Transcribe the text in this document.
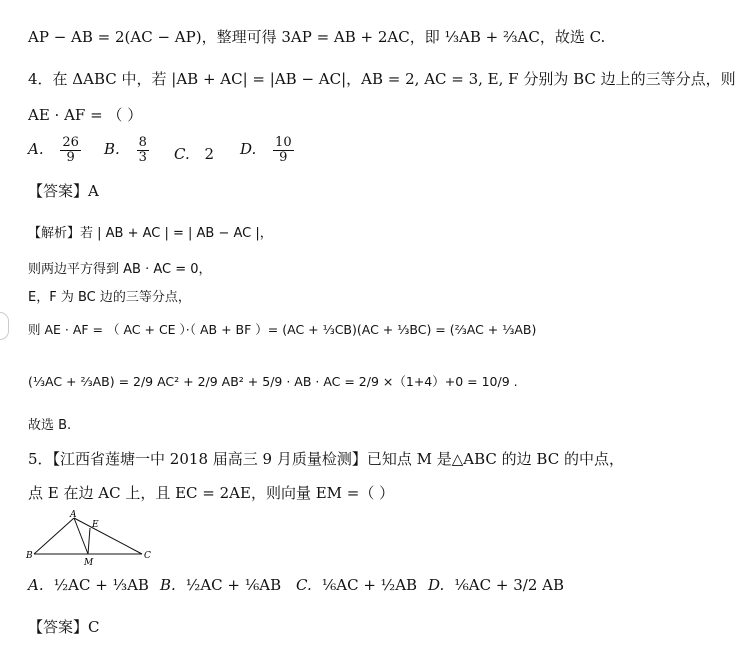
AP − AB = 2(AC − AP)，整理可得 3AP = AB + 2AC，即 ⅓AB + ⅔AC，故选 C.
4．在 ΔABC 中，若 |AB + AC| = |AB − AC|，AB = 2, AC = 3, E, F 分别为 BC 边上的三等分点，则
AE · AF = （ ）
A. $\frac{26}{9} B$. $\frac{8}{3} C$. 2 D. $\frac{10}{9}$
【答案】A
【解析】若 | AB + AC | = | AB − AC |，
则两边平方得到 AB · AC = 0，
E，F 为 BC 边的三等分点，
则 AE · AF = （ AC + CE ）·（ AB + BF ）= (AC + ⅓CB)(AC + ⅓BC) = (⅔AC + ⅓AB)
(⅓AC + ⅔AB) = 2/9 AC² + 2/9 AB² + 5/9 · AB · AC = 2/9 ×（1+4）+0 = 10/9 .
故选 B.
5．【江西省莲塘一中 2018 届高三 9 月质量检测】已知点 M 是△ABC 的边 BC 的中点，
点 E 在边 AC 上，且 EC = 2AE，则向量 EM =（ ）
A
E
B
M
C
A. ½AC + ⅓AB B. ½AC + ⅙AB C. ⅙AC + ½AB D. ⅙AC + 3/2 AB
【答案】C
